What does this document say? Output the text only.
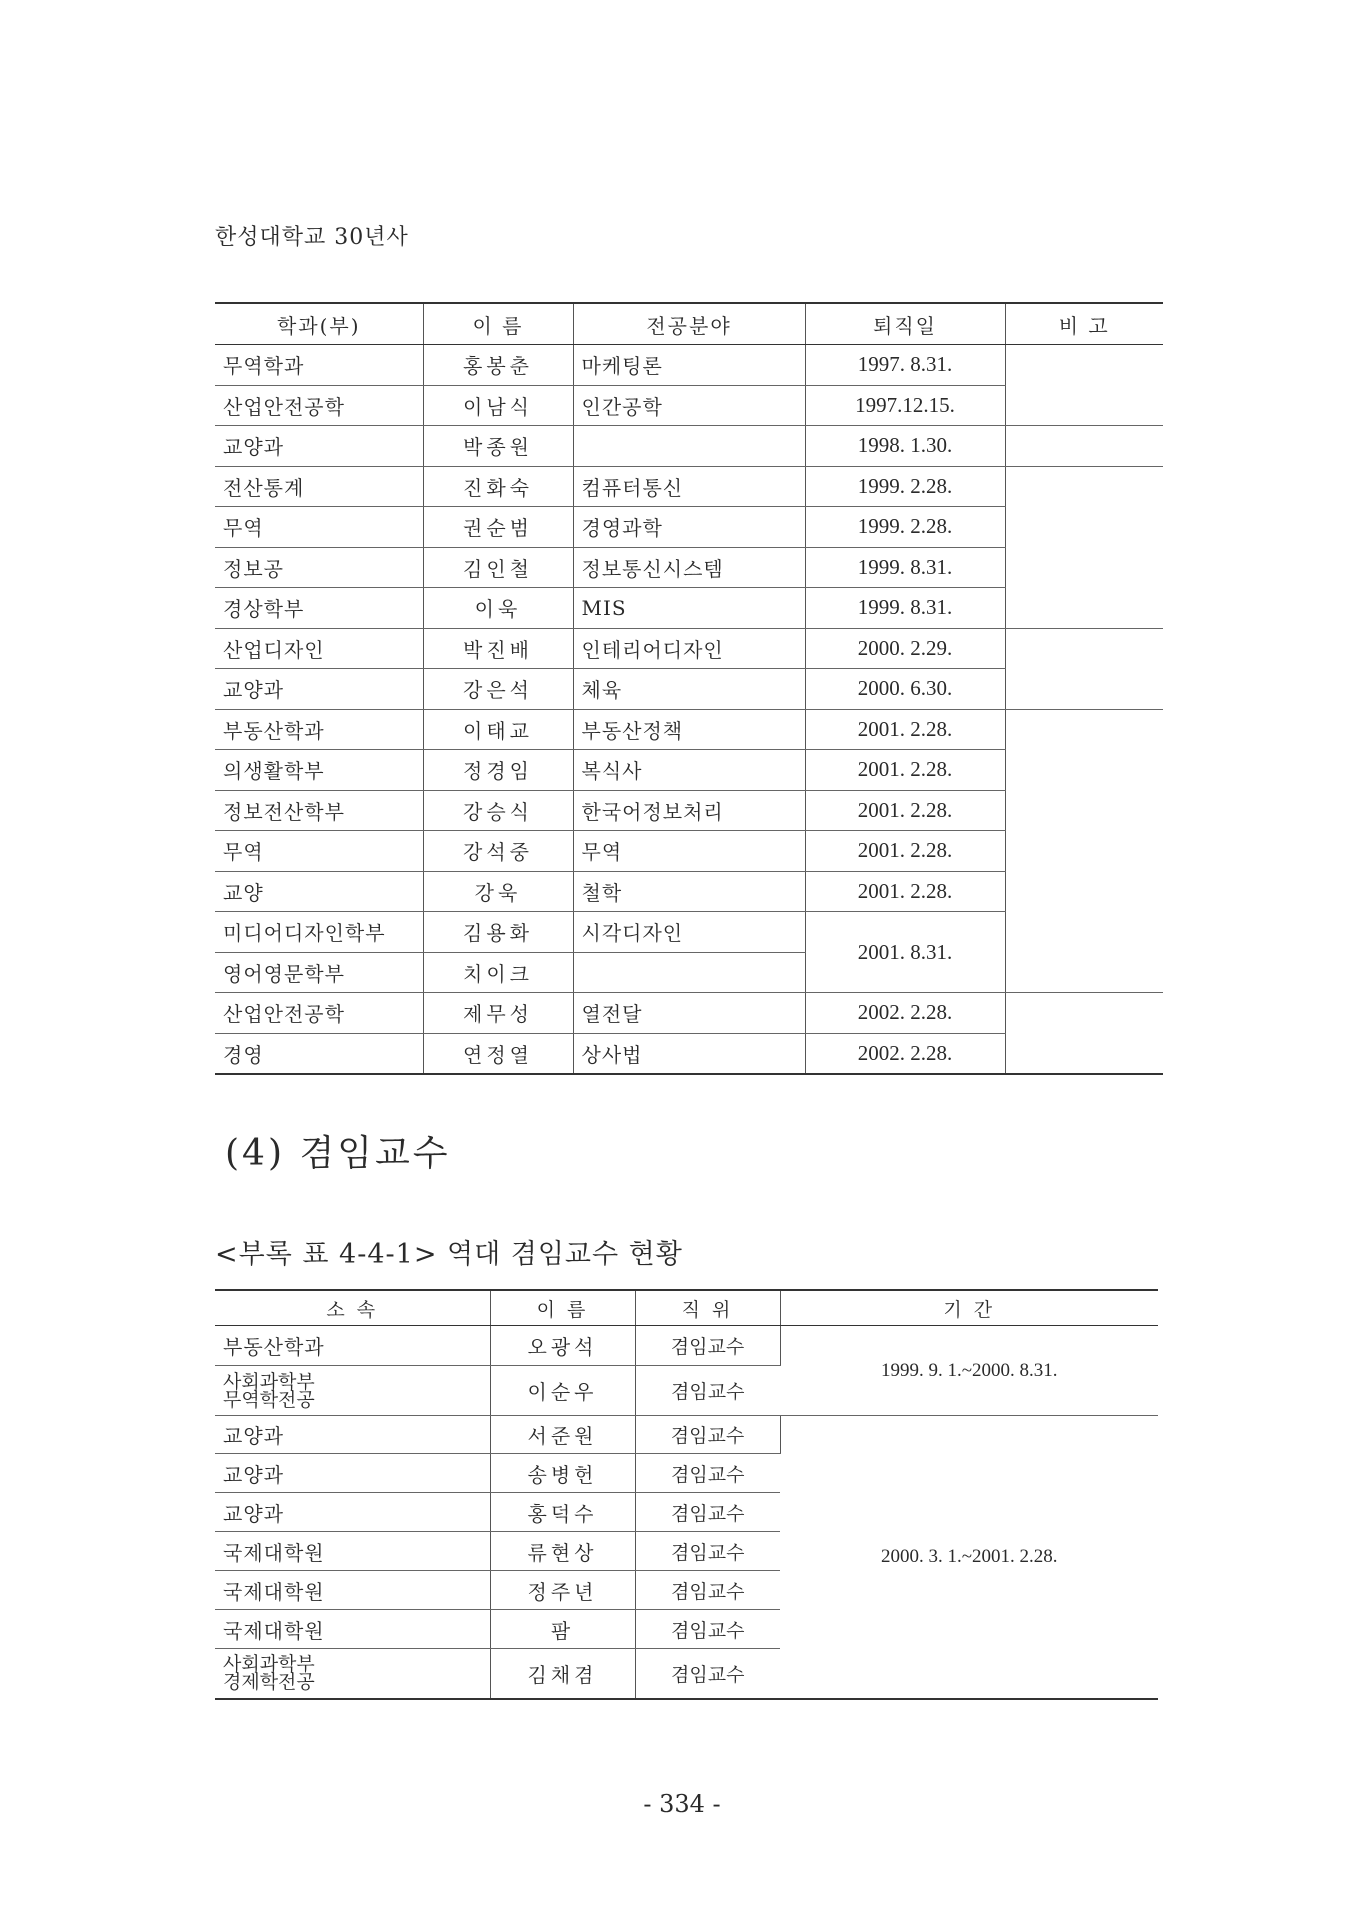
한성대학교 30년사
학과(부)	이 름	전공분야	퇴직일	비 고
무역학과	홍봉춘	마케팅론	1997. 8.31.	
산업안전공학	이남식	인간공학	1997.12.15.	
교양과	박종원		1998. 1.30.	
전산통계	진화숙	컴퓨터통신	1999. 2.28.	
무역	권순범	경영과학	1999. 2.28.	
정보공	김인철	정보통신시스템	1999. 8.31.	
경상학부	이욱	MIS	1999. 8.31.	
산업디자인	박진배	인테리어디자인	2000. 2.29.	
교양과	강은석	체육	2000. 6.30.	
부동산학과	이태교	부동산정책	2001. 2.28.	
의생활학부	정경임	복식사	2001. 2.28.	
정보전산학부	강승식	한국어정보처리	2001. 2.28.	
무역	강석중	무역	2001. 2.28.	
교양	강욱	철학	2001. 2.28.	
미디어디자인학부	김용화	시각디자인	2001. 8.31.	
영어영문학부	치이크			
산업안전공학	제무성	열전달	2002. 2.28.	
경영	연정열	상사법	2002. 2.28.	
(4) 겸임교수
<부록 표 4-4-1> 역대 겸임교수 현황
소 속	이 름	직 위	기 간
부동산학과	오광석	겸임교수	1999. 9. 1.~2000. 8.31.

사회과학부
무역학전공	이순우	겸임교수	
교양과	서준원	겸임교수	2000. 3. 1.~2001. 2.28.
교양과	송병헌	겸임교수	
교양과	홍덕수	겸임교수	
국제대학원	류현상	겸임교수	
국제대학원	정주년	겸임교수	
국제대학원	팜	겸임교수	

사회과학부
경제학전공	김채겸	겸임교수	
- 334 -
